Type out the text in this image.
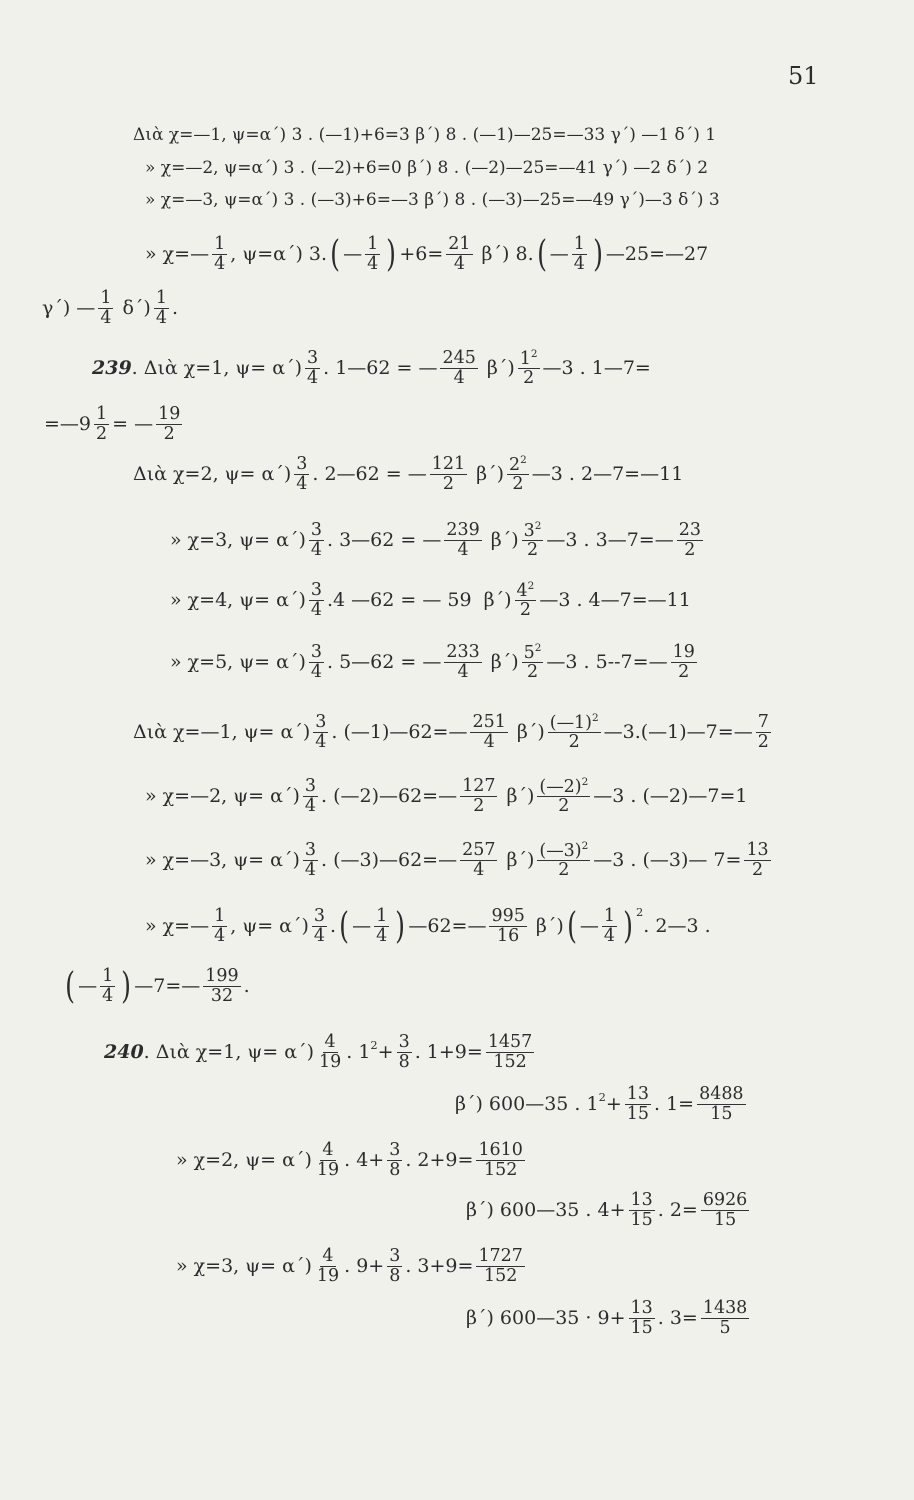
51
Διὰ χ=—1, ψ=α΄) 3 . (—1)+6=3 β΄) 8 . (—1)—25=—33 γ΄) —1 δ΄) 1
» χ=—2, ψ=α΄) 3 . (—2)+6=0 β΄) 8 . (—2)—25=—41 γ΄) —2 δ΄) 2
» χ=—3, ψ=α΄) 3 . (—3)+6=—3 β΄) 8 . (—3)—25=—49 γ΄)—3 δ΄) 3
» χ=— 1
4 , ψ=α΄) 3. ( — 1
4 ) $+6= \frac{21}{4} \beta΄$) 8. ( — 1
4 ) —25=—27
γ΄) — 1
4 δ΄) 1
4 .
239 . Διὰ χ=1, ψ= α΄) 3
4 . 1—62 = — 245
4 β΄) $1^2$
2 —3 . 1—7=
=—9 $\frac{1}{2}$ = — 19
2
Διὰ χ=2, ψ= α΄) 3
4 . 2—62 = — 121
2 β΄) $2^2$
2 —3 . 2—7=—11
» χ=3, ψ= α΄) 3
4 . 3—62 = — 239
4 β΄) $3^2$
2 —3 . 3—7=— 23
2
» χ=4, ψ= α΄) 3
4 .4 —62 = — 59  β΄) $4^2$
2 —3 . 4—7=—11
» χ=5, ψ= α΄) 3
4 . 5—62 = — 233
4 β΄) $5^2$
2 —3 . 5--7=— 19
2
Διὰ χ=—1, ψ= α΄) 3
4 . (—1)—62=— 251
4 β΄) (—1)$^2$
2 —3.(—1)—7=— 7
2
» χ=—2, ψ= α΄) 3
4 . (—2)—62=— 127
2 β΄) (—2)$^2$
2 —3 . (—2)—7=1
» χ=—3, ψ= α΄) 3
4 . (—3)—62=— 257
4 β΄) (—3)$^2$
2 —3 . (—3)— $7= \frac{13}{2}$
» χ=— 1
4 , ψ= α΄) 3
4 . ( — 1
4 ) —62=— 995
16 β΄) ( — 1
4 ) 2
. 2—3 .
( — 1
4 ) —7=— 199
32 .
240 . Διὰ χ=1, ψ= α΄) 4
19 . 1 $2 + \frac{3}{8}$ . $1+9= \frac{1457}{152}$
β΄) 600—35 . 1 $2 + \frac{13}{15}$ . $1= \frac{8488}{15}$
» χ=2, ψ= α΄) 4
19 . $4+ \frac{3}{8}$ . $2+9= \frac{1610}{152}$
β΄) 600—35 . $4+ \frac{13}{15}$ . $2= \frac{6926}{15}$
» χ=3, ψ= α΄) 4
19 . $9+ \frac{3}{8}$ . $3+9= \frac{1727}{152}$
β΄) 600—35 · $9+ \frac{13}{15}$ . $3= \frac{1438}{5}$
